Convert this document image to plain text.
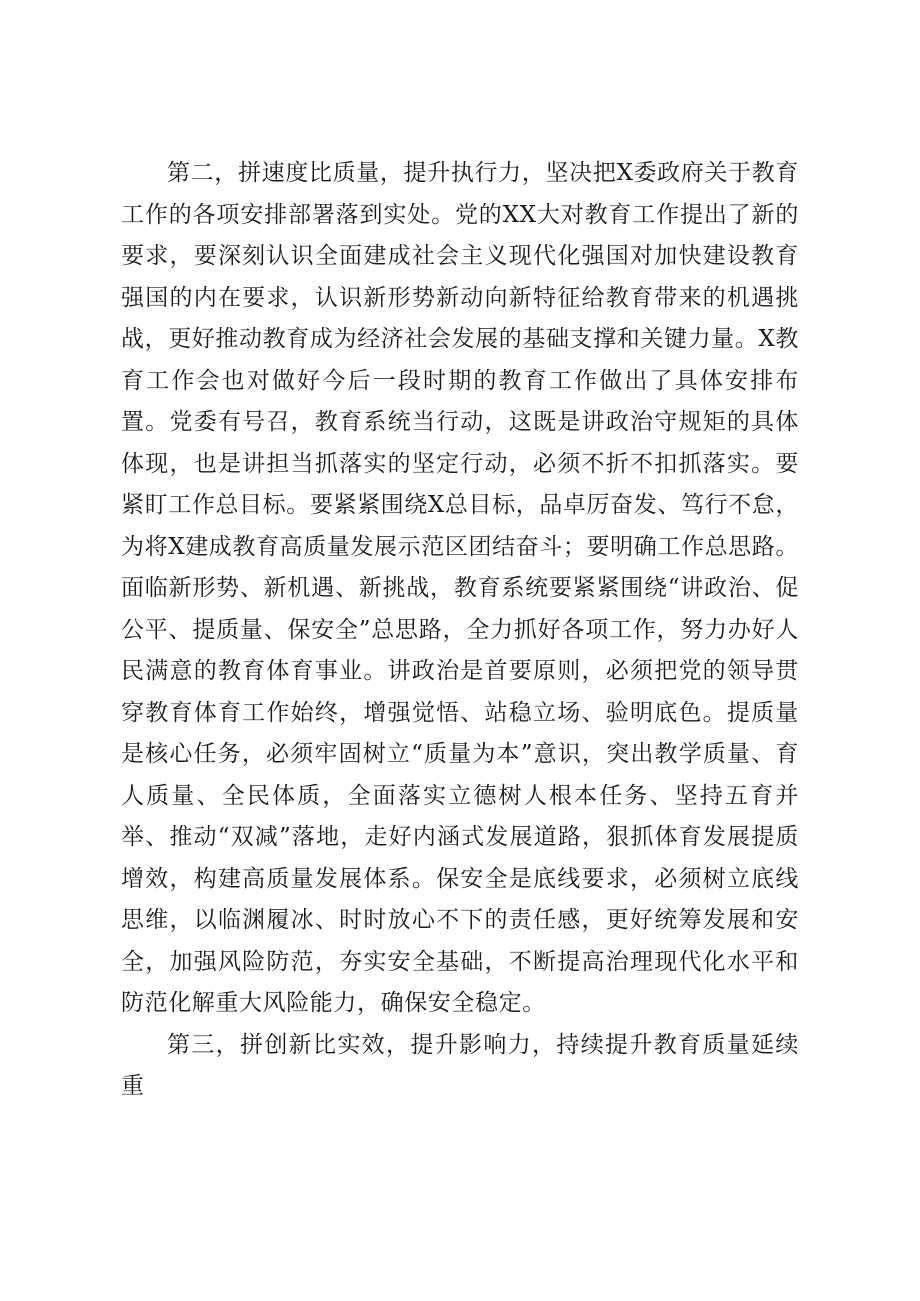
第二，拼速度比质量，提升执行力，坚决把X委政府关于教育工作的各项安排部署落到实处。党的XX大对教育工作提出了新的要求，要深刻认识全面建成社会主义现代化强国对加快建设教育强国的内在要求，认识新形势新动向新特征给教育带来的机遇挑战，更好推动教育成为经济社会发展的基础支撑和关键力量。X教育工作会也对做好今后一段时期的教育工作做出了具体安排布置。党委有号召，教育系统当行动，这既是讲政治守规矩的具体体现，也是讲担当抓落实的坚定行动，必须不折不扣抓落实。要紧盯工作总目标。要紧紧围绕X总目标，品卓厉奋发、笃行不怠，为将X建成教育高质量发展示范区团结奋斗；要明确工作总思路。面临新形势、新机遇、新挑战，教育系统要紧紧围绕“讲政治、促公平、提质量、保安全”总思路，全力抓好各项工作，努力办好人民满意的教育体育事业。讲政治是首要原则，必须把党的领导贯穿教育体育工作始终，增强觉悟、站稳立场、验明底色。提质量是核心任务，必须牢固树立“质量为本”意识，突出教学质量、育人质量、全民体质，全面落实立德树人根本任务、坚持五育并举、推动“双减”落地，走好内涵式发展道路，狠抓体育发展提质增效，构建高质量发展体系。保安全是底线要求，必须树立底线思维，以临渊履冰、时时放心不下的责任感，更好统筹发展和安全，加强风险防范，夯实安全基础，不断提高治理现代化水平和防范化解重大风险能力，确保安全稳定。

第三，拼创新比实效，提升影响力，持续提升教育质量延续重
